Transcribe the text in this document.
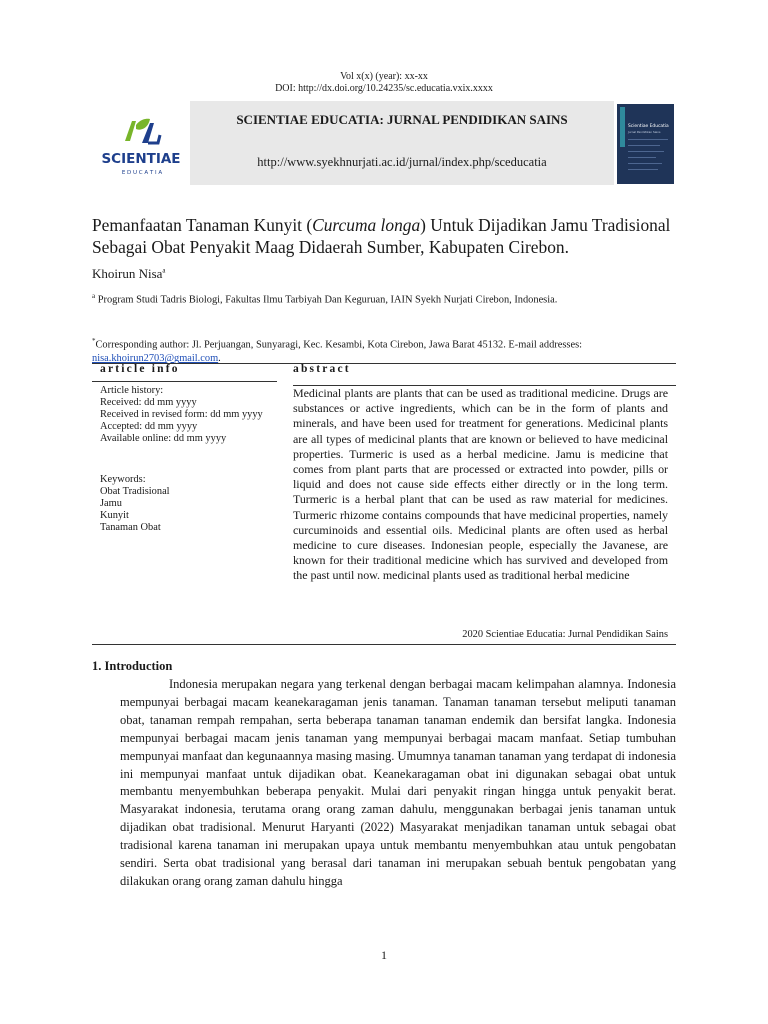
Vol x(x) (year): xx-xx
DOI: http://dx.doi.org/10.24235/sc.educatia.vxix.xxxx
SCIENTIAE
E D U C A T I A
SCIENTIAE EDUCATIA: JURNAL PENDIDIKAN SAINS
http://www.syekhnurjati.ac.id/jurnal/index.php/sceducatia
Scientiae Educatia
Jurnal Pendidikan Sains
Pemanfaatan Tanaman Kunyit (Curcuma longa) Untuk Dijadikan Jamu Tradisional Sebagai Obat Penyakit Maag Didaerah Sumber, Kabupaten Cirebon.
Khoirun Nisa$^a$
$^a$ Program Studi Tadris Biologi, Fakultas Ilmu Tarbiyah Dan Keguruan, IAIN Syekh Nurjati Cirebon, Indonesia.
*Corresponding author: Jl. Perjuangan, Sunyaragi, Kec. Kesambi, Kota Cirebon, Jawa Barat 45132. E-mail addresses: nisa.khoirun2703@gmail.com.
article info
Article history:
Received: dd mm yyyy
Received in revised form: dd mm yyyy
Accepted: dd mm yyyy
Available online: dd mm yyyy
Keywords:
Obat Tradisional
Jamu
Kunyit
Tanaman Obat
abstract
Medicinal plants are plants that can be used as traditional medicine. Drugs are substances or active ingredients, which can be in the form of plants and minerals, and have been used for treatment for generations. Medicinal plants are all types of medicinal plants that are known or believed to have medicinal properties. Turmeric is used as a herbal medicine. Jamu is medicine that comes from plant parts that are processed or extracted into powder, pills or liquid and does not cause side effects either directly or in the long term. Turmeric is a herbal plant that can be used as raw material for medicines. Turmeric rhizome contains compounds that have medicinal properties, namely curcuminoids and essential oils. Medicinal plants are often used as herbal medicine to cure diseases. Indonesian people, especially the Javanese, are known for their traditional medicine which has survived and developed from the past until now. medicinal plants used as traditional herbal medicine
2020 Scientiae Educatia: Jurnal Pendidikan Sains
1. Introduction
Indonesia merupakan negara yang terkenal dengan berbagai macam kelimpahan alamnya. Indonesia mempunyai berbagai macam keanekaragaman jenis tanaman. Tanaman tanaman tersebut meliputi tanaman obat, tanaman rempah rempahan, serta beberapa tanaman tanaman endemik dan bersifat langka. Indonesia mempunyai berbagai macam jenis tanaman yang mempunyai berbagai macam manfaat. Setiap tumbuhan mempunyai manfaat dan kegunaannya masing masing. Umumnya tanaman tanaman yang terdapat di indonesia ini mempunyai manfaat untuk dijadikan obat. Keanekaragaman obat ini digunakan sebagai obat untuk membantu menyembuhkan beberapa penyakit. Mulai dari penyakit ringan hingga untuk penyakit berat. Masyarakat indonesia, terutama orang orang zaman dahulu, menggunakan berbagai jenis tanaman untuk dijadikan obat tradisional. Menurut Haryanti (2022) Masyarakat menjadikan tanaman untuk sebagai obat tradisional karena tanaman ini merupakan upaya untuk membantu menyembuhkan atau untuk pengobatan sendiri. Serta obat tradisional yang berasal dari tanaman ini merupakan sebuah bentuk pengobatan yang dilakukan orang orang zaman dahulu hingga
1
